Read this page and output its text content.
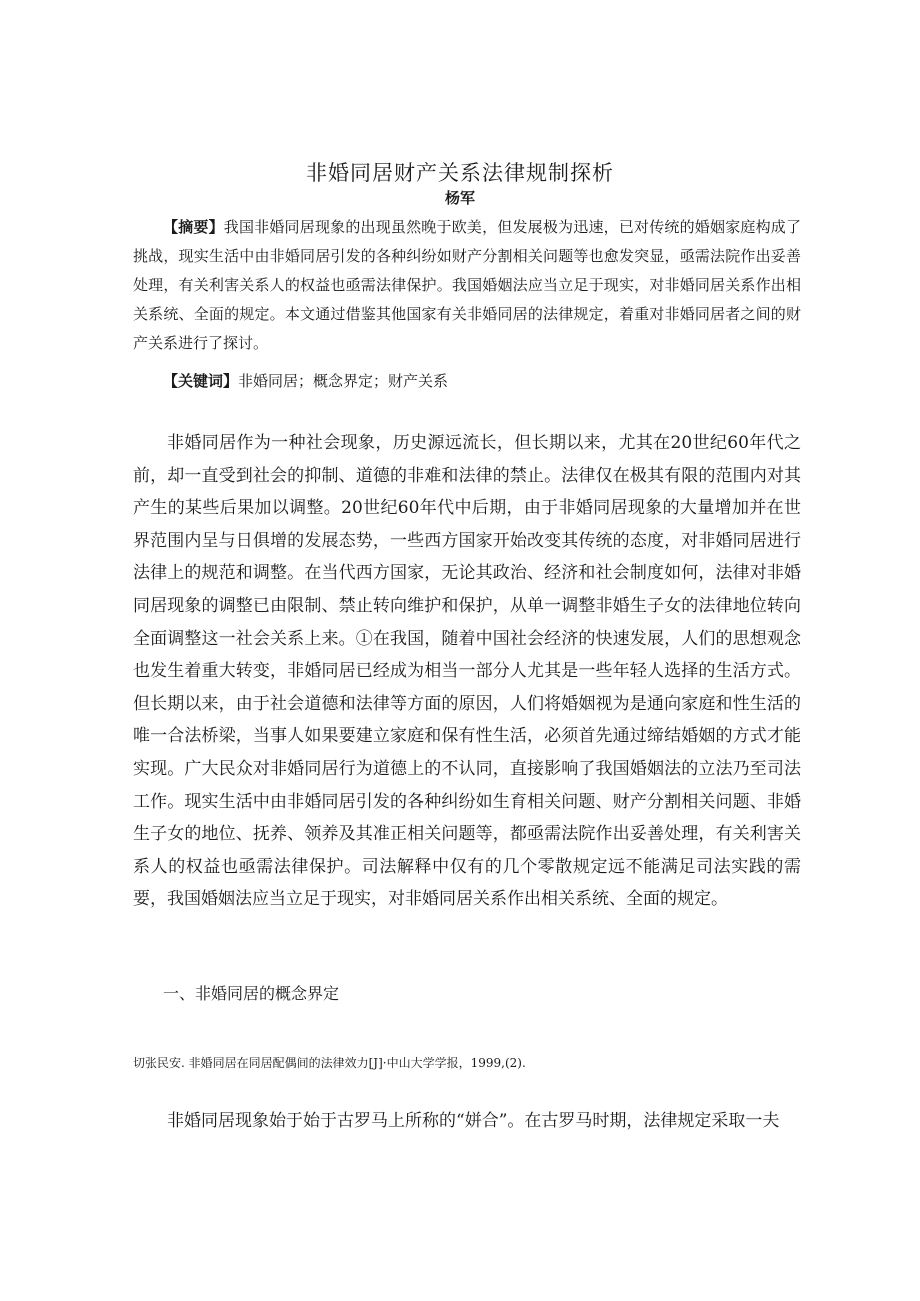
非婚同居财产关系法律规制探析
杨军

【摘要】我国非婚同居现象的出现虽然晚于欧美，但发展极为迅速，已对传统的婚姻家庭构成了挑战，现实生活中由非婚同居引发的各种纠纷如财产分割相关问题等也愈发突显，亟需法院作出妥善处理，有关利害关系人的权益也亟需法律保护。我国婚姻法应当立足于现实，对非婚同居关系作出相关系统、全面的规定。本文通过借鉴其他国家有关非婚同居的法律规定，着重对非婚同居者之间的财产关系进行了探讨。

【关键词】非婚同居；概念界定；财产关系

非婚同居作为一种社会现象，历史源远流长，但长期以来，尤其在20世纪60年代之前，却一直受到社会的抑制、道德的非难和法律的禁止。法律仅在极其有限的范围内对其产生的某些后果加以调整。20世纪60年代中后期，由于非婚同居现象的大量增加并在世界范围内呈与日俱增的发展态势，一些西方国家开始改变其传统的态度，对非婚同居进行法律上的规范和调整。在当代西方国家，无论其政治、经济和社会制度如何，法律对非婚同居现象的调整已由限制、禁止转向维护和保护，从单一调整非婚生子女的法律地位转向全面调整这一社会关系上来。①在我国，随着中国社会经济的快速发展，人们的思想观念也发生着重大转变，非婚同居已经成为相当一部分人尤其是一些年轻人选择的生活方式。但长期以来，由于社会道德和法律等方面的原因，人们将婚姻视为是通向家庭和性生活的唯一合法桥梁，当事人如果要建立家庭和保有性生活，必须首先通过缔结婚姻的方式才能实现。广大民众对非婚同居行为道德上的不认同，直接影响了我国婚姻法的立法乃至司法工作。现实生活中由非婚同居引发的各种纠纷如生育相关问题、财产分割相关问题、非婚生子女的地位、抚养、领养及其准正相关问题等，都亟需法院作出妥善处理，有关利害关系人的权益也亟需法律保护。司法解释中仅有的几个零散规定远不能满足司法实践的需要，我国婚姻法应当立足于现实，对非婚同居关系作出相关系统、全面的规定。

一、非婚同居的概念界定

切张民安. 非婚同居在同居配偶间的法律效力[J]·中山大学学报，1999,(2).

非婚同居现象始于始于古罗马上所称的“姘合”。在古罗马时期，法律规定采取一夫
